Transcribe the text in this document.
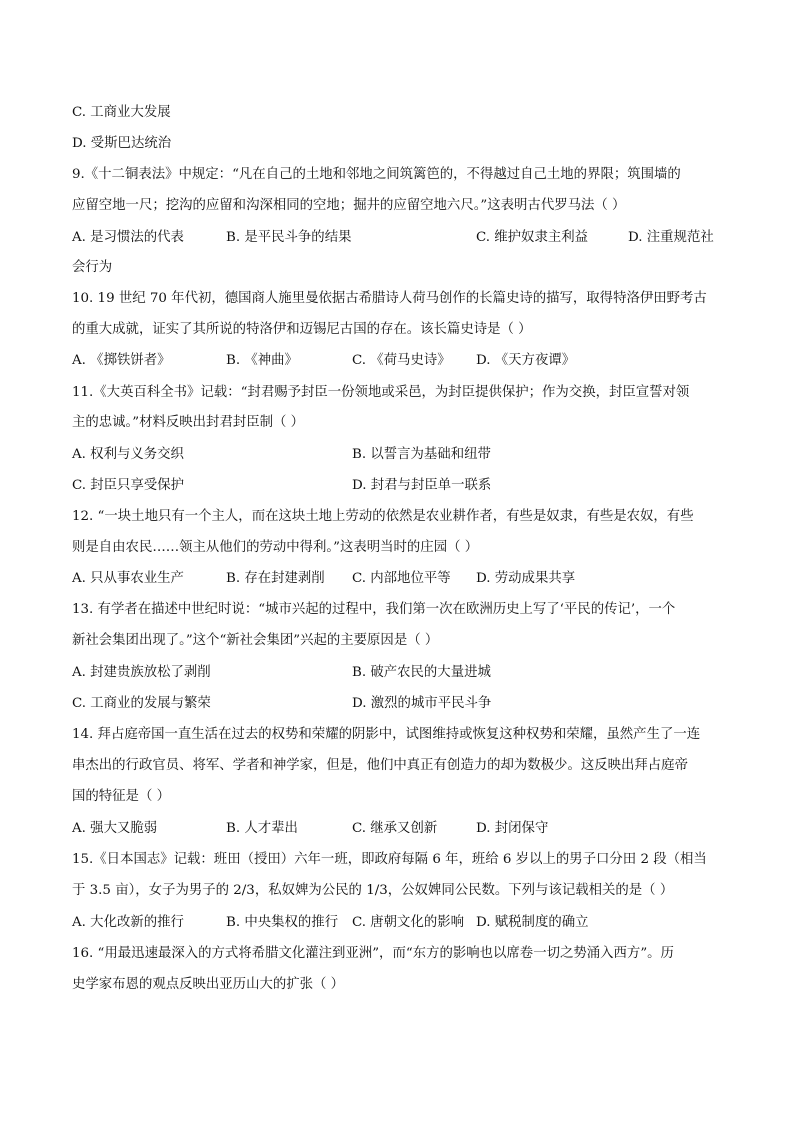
C. 工商业大发展
D. 受斯巴达统治
9.《十二铜表法》中规定：“凡在自己的土地和邻地之间筑篱笆的，不得越过自己土地的界限；筑围墙的
应留空地一尺；挖沟的应留和沟深相同的空地；掘井的应留空地六尺。”这表明古代罗马法（ ）
A. 是习惯法的代表	B. 是平民斗争的结果	C. 维护奴隶主利益	D. 注重规范社
会行为
10. 19 世纪 70 年代初，德国商人施里曼依据古希腊诗人荷马创作的长篇史诗的描写，取得特洛伊田野考古
的重大成就，证实了其所说的特洛伊和迈锡尼古国的存在。该长篇史诗是（ ）
A. 《掷铁饼者》	B. 《神曲》	C. 《荷马史诗》 D. 《天方夜谭》
11.《大英百科全书》记载：“封君赐予封臣一份领地或采邑，为封臣提供保护；作为交换，封臣宣誓对领
主的忠诚。”材料反映出封君封臣制（ ）
A. 权利与义务交织	B. 以誓言为基础和纽带
C. 封臣只享受保护	D. 封君与封臣单一联系
12. “一块土地只有一个主人，而在这块土地上劳动的依然是农业耕作者，有些是奴隶，有些是农奴，有些
则是自由农民……领主从他们的劳动中得利。”这表明当时的庄园（ ）
A. 只从事农业生产	B. 存在封建剥削 C. 内部地位平等 D. 劳动成果共享
13. 有学者在描述中世纪时说：“城市兴起的过程中，我们第一次在欧洲历史上写了‘平民的传记’，一个
新社会集团出现了。”这个“新社会集团”兴起的主要原因是（ ）
A. 封建贵族放松了剥削	B. 破产农民的大量进城
C. 工商业的发展与繁荣	D. 激烈的城市平民斗争
14. 拜占庭帝国一直生活在过去的权势和荣耀的阴影中，试图维持或恢复这种权势和荣耀，虽然产生了一连
串杰出的行政官员、将军、学者和神学家，但是，他们中真正有创造力的却为数极少。这反映出拜占庭帝
国的特征是（ ）
A. 强大又脆弱	B. 人才辈出	C. 继承又创新	D. 封闭保守
15.《日本国志》记载：班田（授田）六年一班，即政府每隔 6 年，班给 6 岁以上的男子口分田 2 段（相当
于 3.5 亩），女子为男子的 2/3，私奴婢为公民的 1/3，公奴婢同公民数。下列与该记载相关的是（ ）
A. 大化改新的推行	B. 中央集权的推行 C. 唐朝文化的影响 D. 赋税制度的确立
16. “用最迅速最深入的方式将希腊文化灌注到亚洲”，而“东方的影响也以席卷一切之势涌入西方”。历
史学家布恩的观点反映出亚历山大的扩张（ ）
